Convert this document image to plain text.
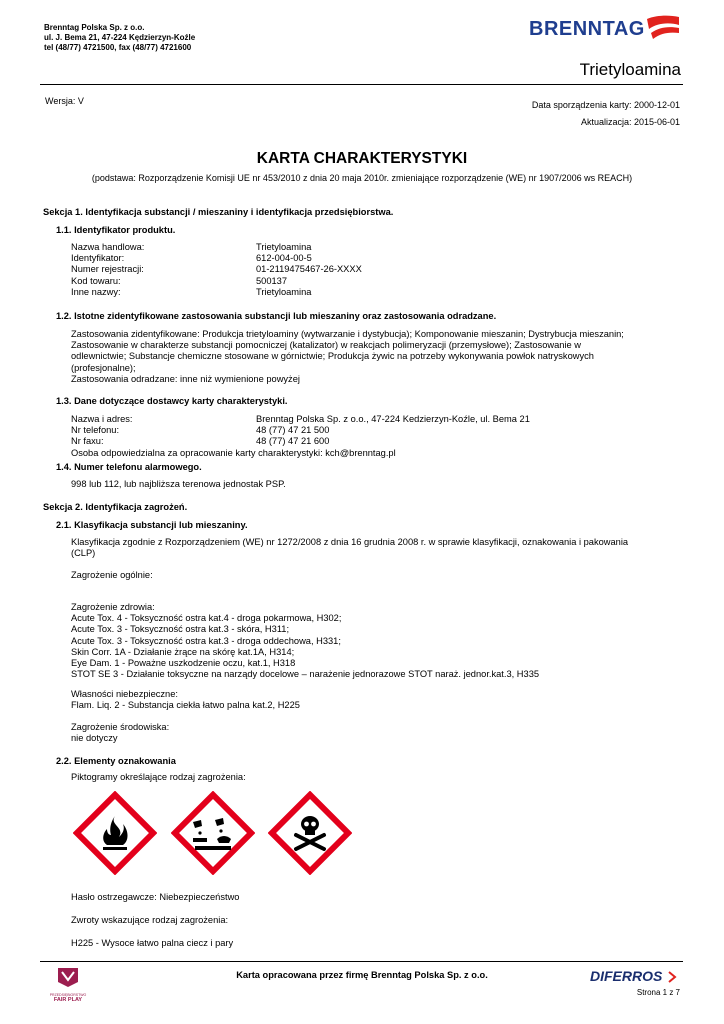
Brenntag Polska Sp. z o.o.
ul. J. Bema 21, 47-224 Kędzierzyn-Koźle
tel (48/77) 4721500, fax (48/77) 4721600
BRENNTAG
Trietyloamina
Wersja: V	Data sporządzenia karty: 2000-12-01
Aktualizacja: 2015-06-01
KARTA CHARAKTERYSTYKI
(podstawa: Rozporządzenie Komisji UE nr 453/2010 z dnia 20 maja 2010r. zmieniające rozporządzenie (WE) nr 1907/2006 ws REACH)
Sekcja 1. Identyfikacja substancji / mieszaniny i identyfikacja przedsiębiorstwa.
1.1. Identyfikator produktu.
Nazwa handlowa:	Trietyloamina
Identyfikator:	612-004-00-5
Numer rejestracji:	01-2119475467-26-XXXX
Kod towaru:	500137
Inne nazwy:	Trietyloamina
1.2. Istotne zidentyfikowane zastosowania substancji lub mieszaniny oraz zastosowania odradzane.
Zastosowania zidentyfikowane: Produkcja trietyloaminy (wytwarzanie i dystybucja); Komponowanie mieszanin; Dystrybucja mieszanin;
Zastosowanie w charakterze substancji pomocniczej (katalizator) w reakcjach polimeryzacji (przemysłowe); Zastosowanie w
odlewnictwie; Substancje chemiczne stosowane w górnictwie; Produkcja żywic na potrzeby wykonywania powłok natryskowych
(profesjonalne);
Zastosowania odradzane: inne niż wymienione powyżej
1.3. Dane dotyczące dostawcy karty charakterystyki.
Nazwa i adres:	Brenntag Polska Sp. z o.o., 47-224 Kedzierzyn-Koźle, ul. Bema 21
Nr telefonu:	48 (77) 47 21 500
Nr faxu:	48 (77) 47 21 600
Osoba odpowiedzialna za opracowanie karty charakterystyki: kch@brenntag.pl
1.4. Numer telefonu alarmowego.
998 lub 112, lub najbliższa terenowa jednostak PSP.
Sekcja 2. Identyfikacja zagrożeń.
2.1. Klasyfikacja substancji lub mieszaniny.
Klasyfikacja zgodnie z Rozporządzeniem (WE) nr 1272/2008 z dnia 16 grudnia 2008 r. w sprawie klasyfikacji, oznakowania i pakowania
(CLP)
Zagrożenie ogólnie:
Zagrożenie zdrowia:
Acute Tox. 4 - Toksyczność ostra kat.4 - droga pokarmowa, H302;
Acute Tox. 3 - Toksyczność ostra kat.3 - skóra, H311;
Acute Tox. 3 - Toksyczność ostra kat.3 - droga oddechowa, H331;
Skin Corr. 1A - Działanie żrące na skórę kat.1A, H314;
Eye Dam. 1 - Poważne uszkodzenie oczu, kat.1, H318
STOT SE 3 - Działanie toksyczne na narządy docelowe – narażenie jednorazowe STOT naraż. jednor.kat.3, H335
Własności niebezpieczne:
Flam. Liq. 2 - Substancja ciekła łatwo palna kat.2, H225
Zagrożenie środowiska:
nie dotyczy
2.2. Elementy oznakowania
Piktogramy określające rodzaj zagrożenia:
Hasło ostrzegawcze: Niebezpieczeństwo
Zwroty wskazujące rodzaj zagrożenia:
H225 - Wysoce łatwo palna ciecz i pary
PRZEDSIĘBIORSTWO
FAIR PLAY
Karta opracowana przez firmę Brenntag Polska Sp. z o.o.	DIFERROS
Strona 1 z 7
